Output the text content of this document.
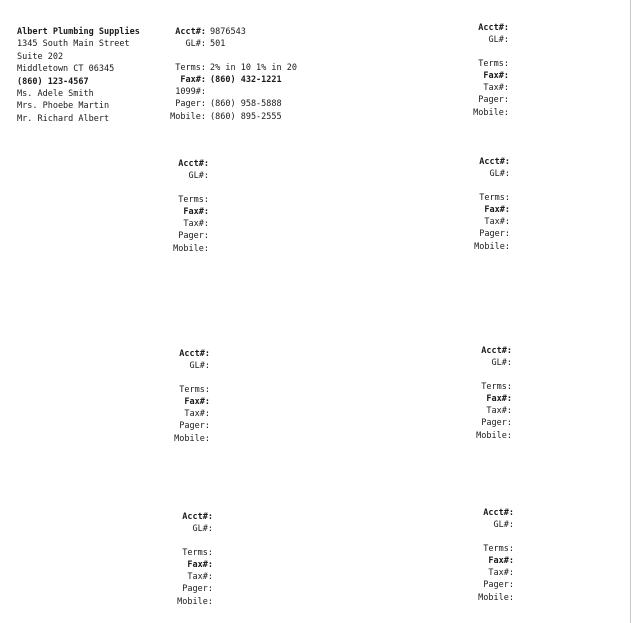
Albert Plumbing Supplies
1345 South Main Street
Suite 202
Middletown CT 06345
(860) 123-4567
Ms. Adele Smith
Mrs. Phoebe Martin
Mr. Richard Albert
Acct#: 9876543
GL#: 501
Terms: 2% in 10 1% in 20
Fax#: (860) 432-1221
1099#:
Pager: (860) 958-5888
Mobile: (860) 895-2555
Acct#:
GL#:
Terms:
Fax#:
Tax#:
Pager:
Mobile:
Acct#:
GL#:
Terms:
Fax#:
Tax#:
Pager:
Mobile:
Acct#:
GL#:
Terms:
Fax#:
Tax#:
Pager:
Mobile:
Acct#:
GL#:
Terms:
Fax#:
Tax#:
Pager:
Mobile:
Acct#:
GL#:
Terms:
Fax#:
Tax#:
Pager:
Mobile:
Acct#:
GL#:
Terms:
Fax#:
Tax#:
Pager:
Mobile:
Acct#:
GL#:
Terms:
Fax#:
Tax#:
Pager:
Mobile:
